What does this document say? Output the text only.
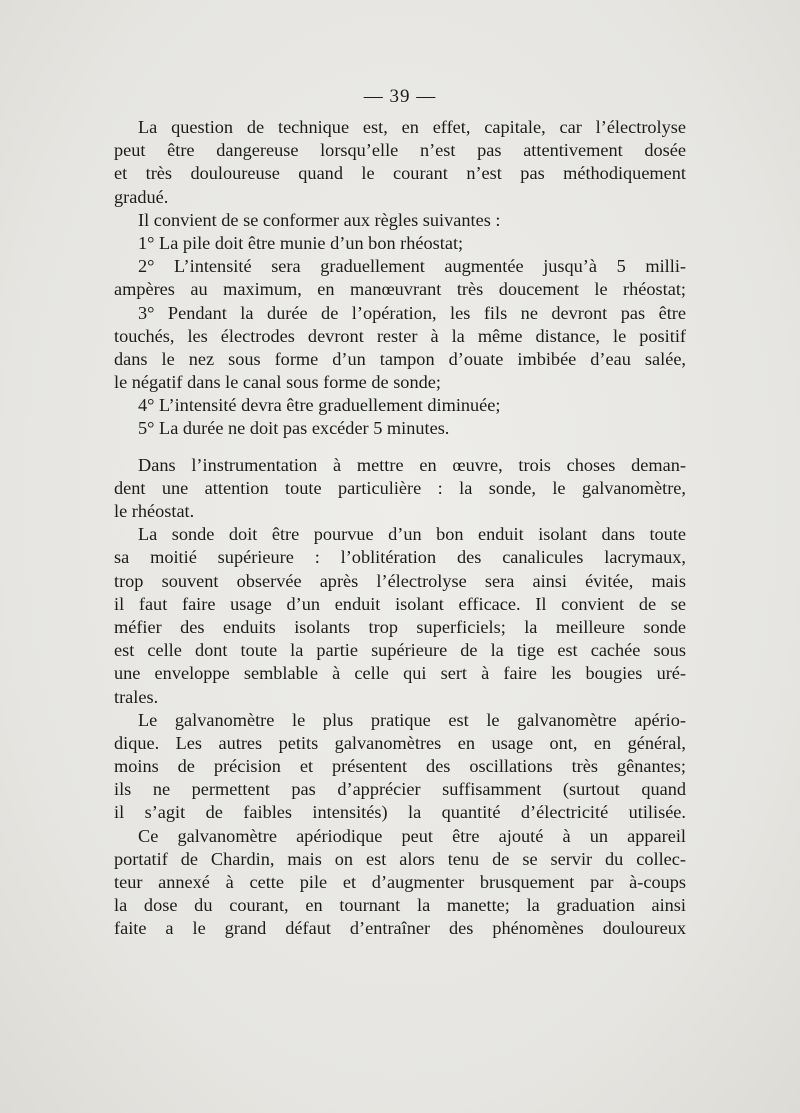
— 39 —
La question de technique est, en effet, capitale, car l’électrolyse
peut être dangereuse lorsqu’elle n’est pas attentivement dosée
et très douloureuse quand le courant n’est pas méthodiquement
gradué.
Il convient de se conformer aux règles suivantes :
1° La pile doit être munie d’un bon rhéostat;
2° L’intensité sera graduellement augmentée jusqu’à 5 milli-
ampères au maximum, en manœuvrant très doucement le rhéostat;
3° Pendant la durée de l’opération, les fils ne devront pas être
touchés, les électrodes devront rester à la même distance, le positif
dans le nez sous forme d’un tampon d’ouate imbibée d’eau salée,
le négatif dans le canal sous forme de sonde;
4° L’intensité devra être graduellement diminuée;
5° La durée ne doit pas excéder 5 minutes.
Dans l’instrumentation à mettre en œuvre, trois choses deman-
dent une attention toute particulière : la sonde, le galvanomètre,
le rhéostat.
La sonde doit être pourvue d’un bon enduit isolant dans toute
sa moitié supérieure : l’oblitération des canalicules lacrymaux,
trop souvent observée après l’électrolyse sera ainsi évitée, mais
il faut faire usage d’un enduit isolant efficace. Il convient de se
méfier des enduits isolants trop superficiels; la meilleure sonde
est celle dont toute la partie supérieure de la tige est cachée sous
une enveloppe semblable à celle qui sert à faire les bougies uré-
trales.
Le galvanomètre le plus pratique est le galvanomètre apério-
dique. Les autres petits galvanomètres en usage ont, en général,
moins de précision et présentent des oscillations très gênantes;
ils ne permettent pas d’apprécier suffisamment (surtout quand
il s’agit de faibles intensités) la quantité d’électricité utilisée.
Ce galvanomètre apériodique peut être ajouté à un appareil
portatif de Chardin, mais on est alors tenu de se servir du collec-
teur annexé à cette pile et d’augmenter brusquement par à-coups
la dose du courant, en tournant la manette; la graduation ainsi
faite a le grand défaut d’entraîner des phénomènes douloureux
